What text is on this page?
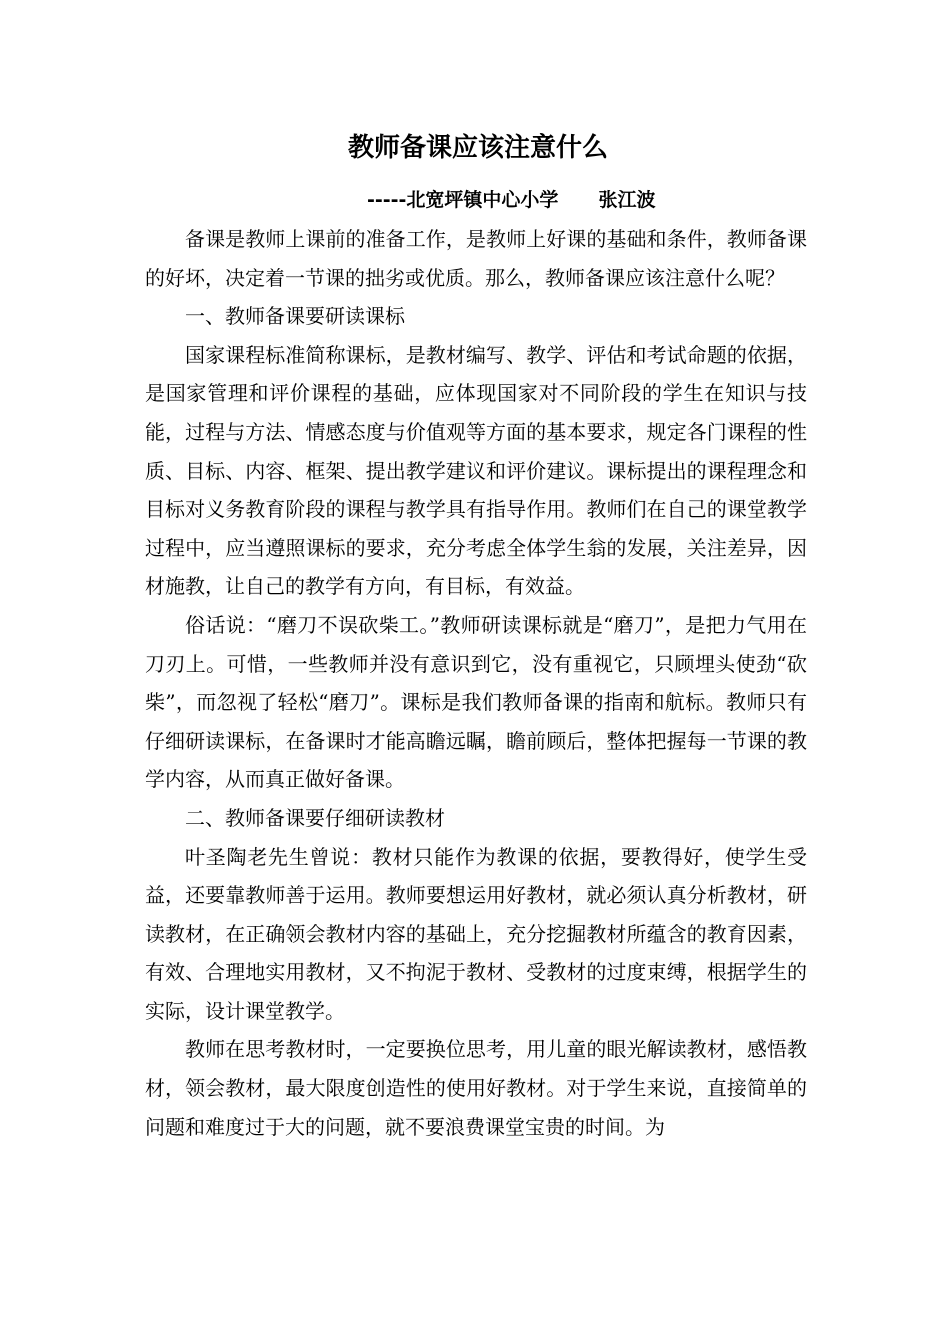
教师备课应该注意什么
-----北宽坪镇中心小学 张江波

备课是教师上课前的准备工作，是教师上好课的基础和条件，教师备课的好坏，决定着一节课的拙劣或优质。那么，教师备课应该注意什么呢？

一、教师备课要研读课标

国家课程标准简称课标，是教材编写、教学、评估和考试命题的依据，是国家管理和评价课程的基础，应体现国家对不同阶段的学生在知识与技能，过程与方法、情感态度与价值观等方面的基本要求，规定各门课程的性质、目标、内容、框架、提出教学建议和评价建议。课标提出的课程理念和目标对义务教育阶段的课程与教学具有指导作用。教师们在自己的课堂教学过程中，应当遵照课标的要求，充分考虑全体学生翁的发展，关注差异，因材施教，让自己的教学有方向，有目标，有效益。

俗话说：“磨刀不误砍柴工。”教师研读课标就是“磨刀”，是把力气用在刀刃上。可惜，一些教师并没有意识到它，没有重视它，只顾埋头使劲“砍柴”，而忽视了轻松“磨刀”。课标是我们教师备课的指南和航标。教师只有仔细研读课标，在备课时才能高瞻远瞩，瞻前顾后，整体把握每一节课的教学内容，从而真正做好备课。

二、教师备课要仔细研读教材

叶圣陶老先生曾说：教材只能作为教课的依据，要教得好，使学生受益，还要靠教师善于运用。教师要想运用好教材，就必须认真分析教材，研读教材，在正确领会教材内容的基础上，充分挖掘教材所蕴含的教育因素，有效、合理地实用教材，又不拘泥于教材、受教材的过度束缚，根据学生的实际，设计课堂教学。

教师在思考教材时，一定要换位思考，用儿童的眼光解读教材，感悟教材，领会教材，最大限度创造性的使用好教材。对于学生来说，直接简单的问题和难度过于大的问题，就不要浪费课堂宝贵的时间。为
